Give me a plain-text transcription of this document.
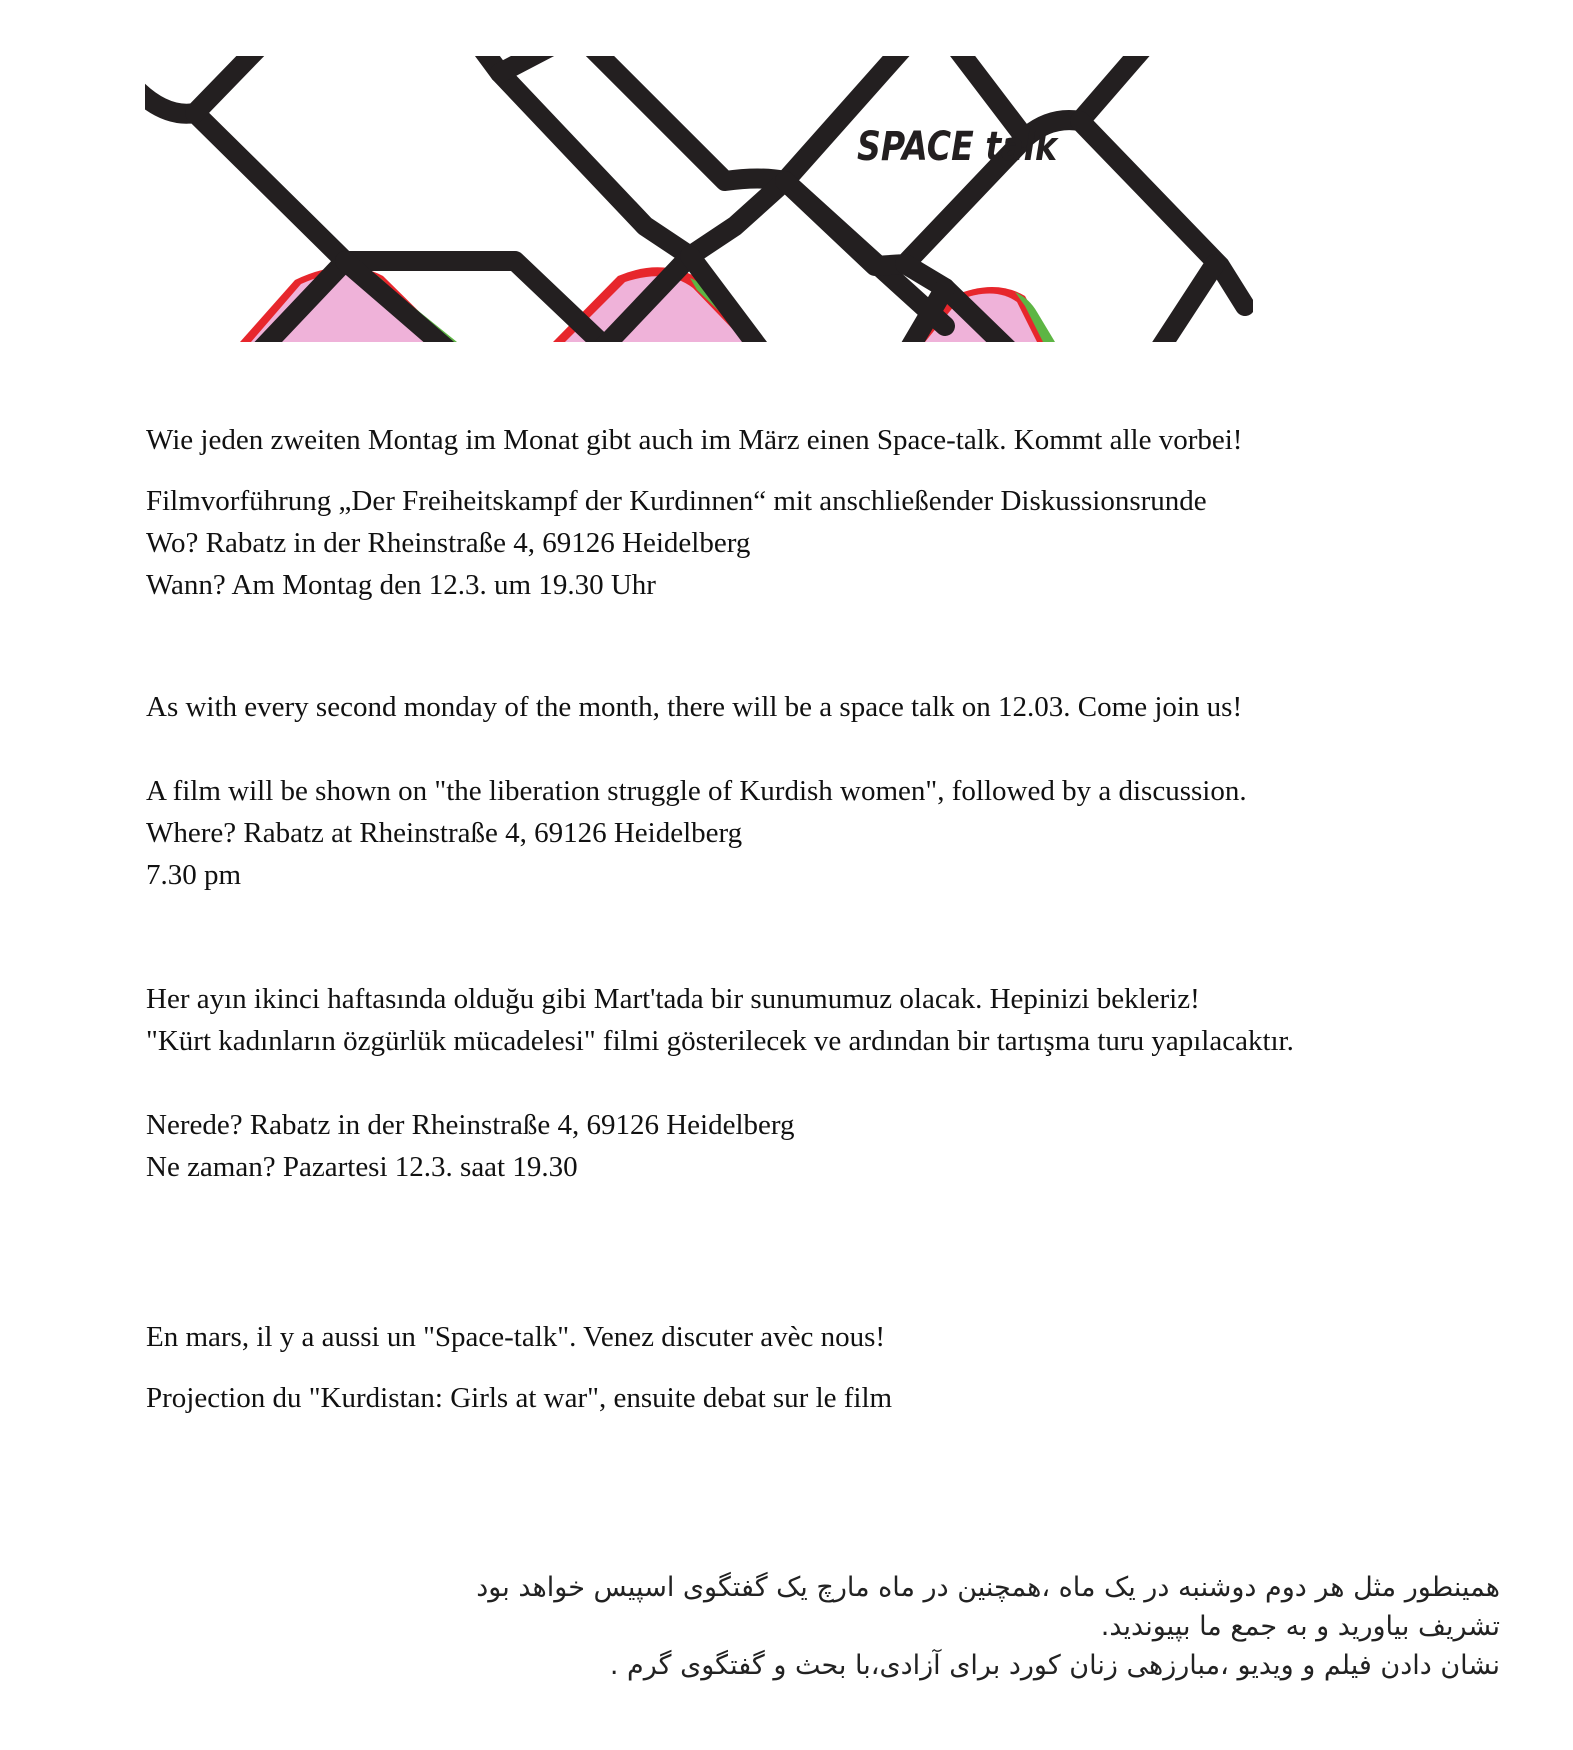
SPACE talk

Wie jeden zweiten Montag im Monat gibt auch im März einen Space-talk. Kommt alle vorbei!

Filmvorführung „Der Freiheitskampf der Kurdinnen“ mit anschließender Diskussionsrunde

Wo? Rabatz in der Rheinstraße 4, 69126 Heidelberg

Wann? Am Montag den 12.3. um 19.30 Uhr

As with every second monday of the month, there will be a space talk on 12.03. Come join us!

A film will be shown on "the liberation struggle of Kurdish women", followed by a discussion.

Where? Rabatz at Rheinstraße 4, 69126 Heidelberg

7.30 pm

Her ayın ikinci haftasında olduğu gibi Mart'tada bir sunumumuz olacak. Hepinizi bekleriz!

"Kürt kadınların özgürlük mücadelesi" filmi gösterilecek ve ardından bir tartışma turu yapılacaktır.

Nerede? Rabatz in der Rheinstraße 4, 69126 Heidelberg

Ne zaman? Pazartesi 12.3. saat 19.30

En mars, il y a aussi un "Space-talk". Venez discuter avèc nous!

Projection du "Kurdistan: Girls at war", ensuite debat sur le film

همینطور مثل هر دوم دوشنبه در یک ماه ،همچنین در ماه مارچ یک گفتگوی اسپیس خواهد بود
تشریف بیاورید و به جمع ما بپیوندید.
نشان دادن فیلم و ویدیو ،مبارزهی زنان کورد برای آزادی،با بحث و گفتگوی گرم .
